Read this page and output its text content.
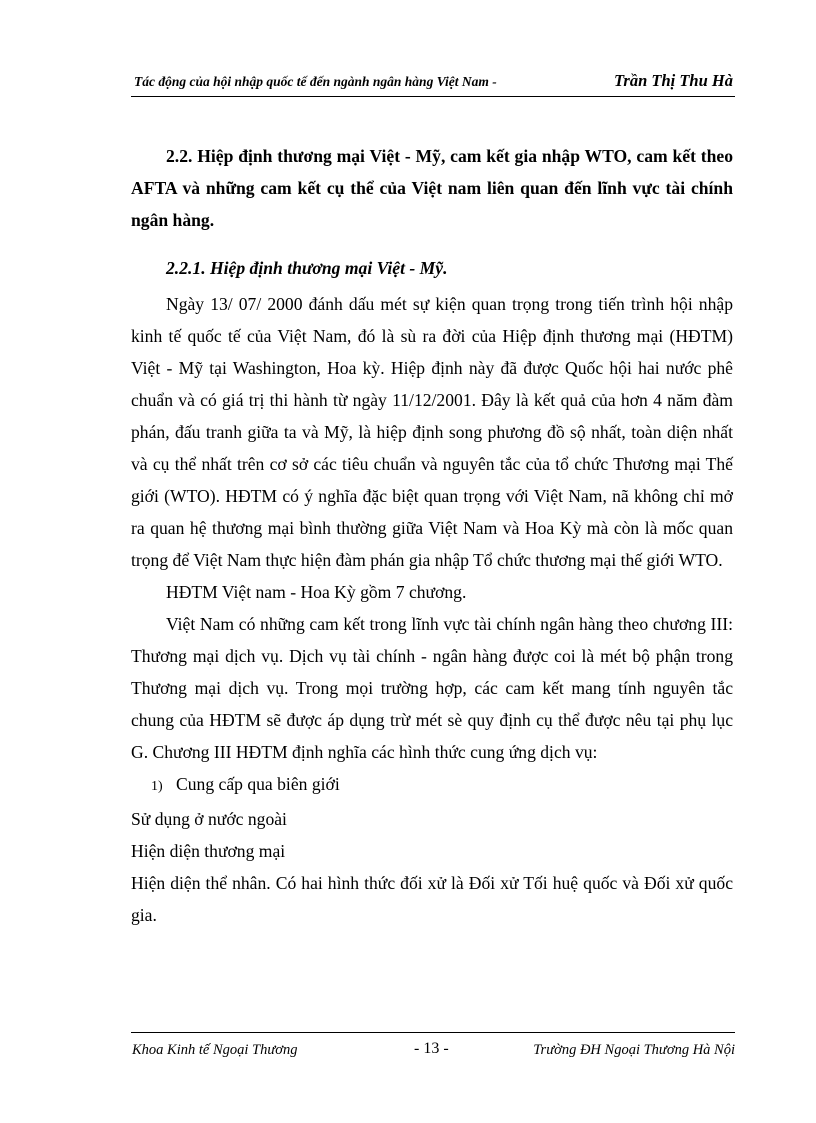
Tác động của hội nhập quốc tế đến ngành ngân hàng Việt Nam -	Trần Thị Thu Hà

2.2. Hiệp định thương mại Việt - Mỹ, cam kết gia nhập WTO, cam kết theo AFTA và những cam kết cụ thể của Việt nam liên quan đến lĩnh vực tài chính ngân hàng.

2.2.1. Hiệp định thương mại Việt - Mỹ.

Ngày 13/ 07/ 2000 đánh dấu mét sự kiện quan trọng trong tiến trình hội nhập kinh tế quốc tế của Việt Nam, đó là sù ra đời của Hiệp định thương mại (HĐTM) Việt - Mỹ tại Washington, Hoa kỳ. Hiệp định này đã được Quốc hội hai nước phê chuẩn và có giá trị thi hành từ ngày 11/12/2001. Đây là kết quả của hơn 4 năm đàm phán, đấu tranh giữa ta và Mỹ, là hiệp định song phương đồ sộ nhất, toàn diện nhất và cụ thể nhất trên cơ sở các tiêu chuẩn và nguyên tắc của tổ chức Thương mại Thế giới (WTO). HĐTM có ý nghĩa đặc biệt quan trọng với Việt Nam, nã không chỉ mở ra quan hệ thương mại bình thường giữa Việt Nam và Hoa Kỳ mà còn là mốc quan trọng để Việt Nam thực hiện đàm phán gia nhập Tổ chức thương mại thế giới WTO.

HĐTM Việt nam - Hoa Kỳ gồm 7 chương.

Việt Nam có những cam kết trong lĩnh vực tài chính ngân hàng theo chương III: Thương mại dịch vụ. Dịch vụ tài chính - ngân hàng được coi là mét bộ phận trong Thương mại dịch vụ. Trong mọi trường hợp, các cam kết mang tính nguyên tắc chung của HĐTM sẽ được áp dụng trừ mét sè quy định cụ thể được nêu tại phụ lục G. Chương III HĐTM định nghĩa các hình thức cung ứng dịch vụ:

1) Cung cấp qua biên giới

Sử dụng ở nước ngoài

Hiện diện thương mại

Hiện diện thể nhân. Có hai hình thức đối xử là Đối xử Tối huệ quốc và Đối xử quốc gia.

Khoa Kinh tế Ngoại Thương	- 13 -	Trường ĐH Ngoại Thương Hà Nội
